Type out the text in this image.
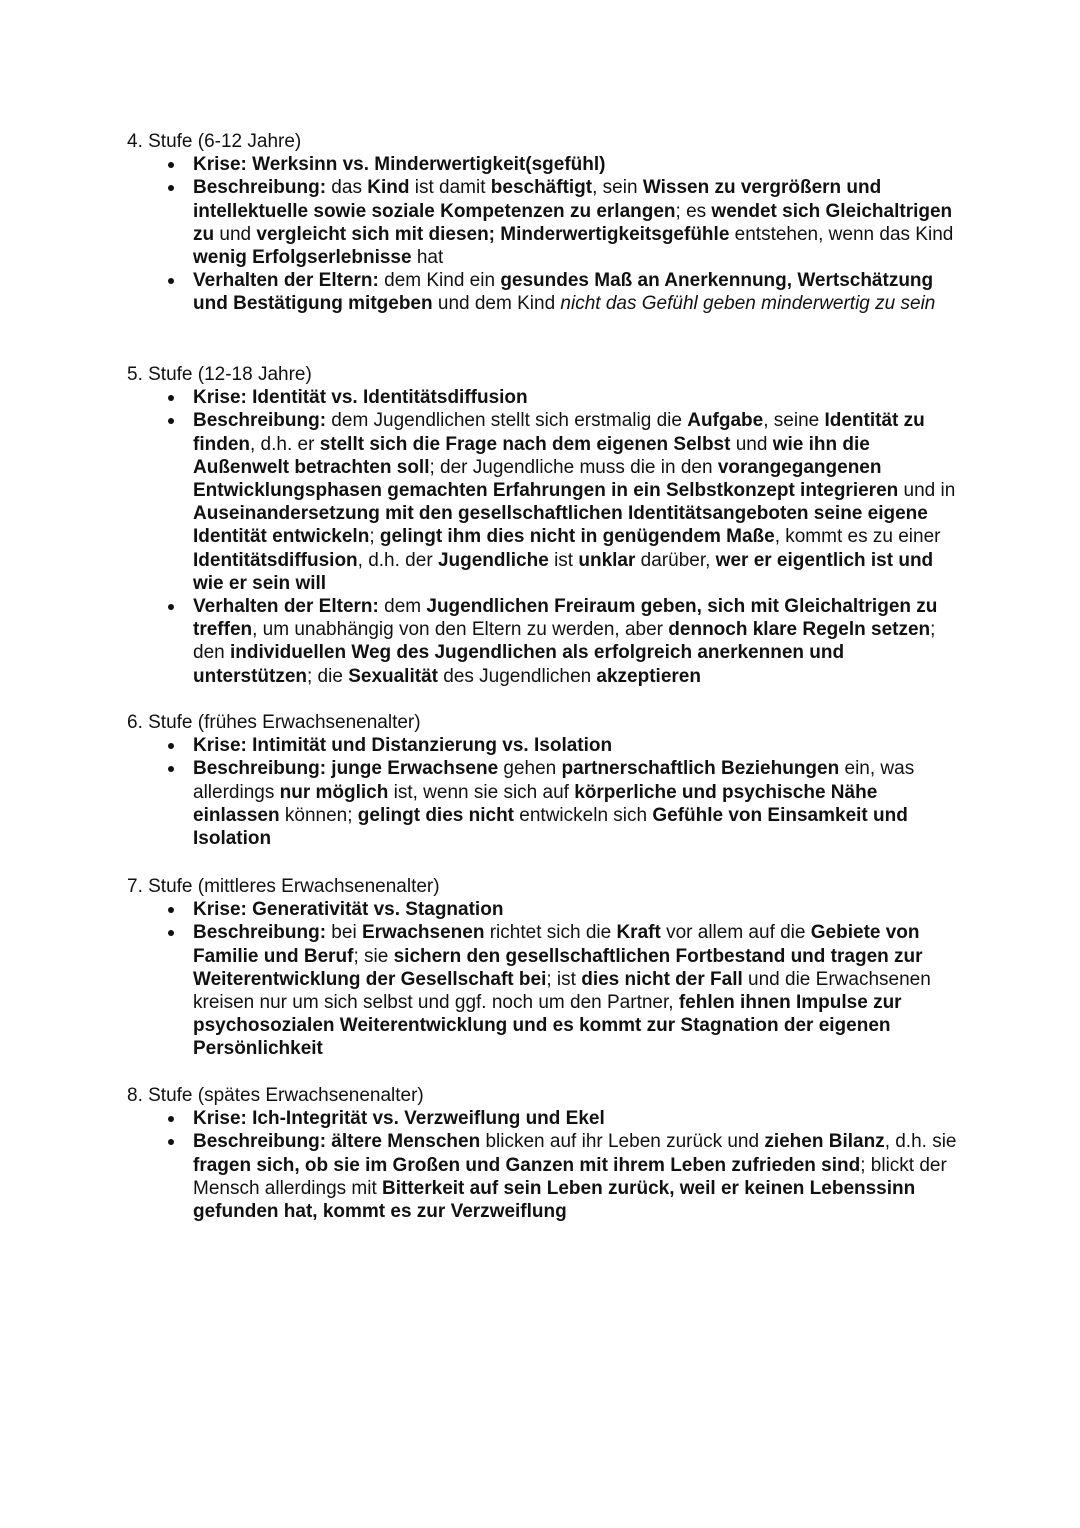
4. Stufe (6-12 Jahre)

Krise: Werksinn vs. Minderwertigkeit(sgefühl)
Beschreibung: das Kind ist damit beschäftigt, sein Wissen zu vergrößern und intellektuelle sowie soziale Kompetenzen zu erlangen; es wendet sich Gleichaltrigen zu und vergleicht sich mit diesen; Minderwertigkeitsgefühle entstehen, wenn das Kind wenig Erfolgserlebnisse hat
Verhalten der Eltern: dem Kind ein gesundes Maß an Anerkennung, Wertschätzung und Bestätigung mitgeben und dem Kind nicht das Gefühl geben minderwertig zu sein

5. Stufe (12-18 Jahre)

Krise: Identität vs. Identitätsdiffusion
Beschreibung: dem Jugendlichen stellt sich erstmalig die Aufgabe, seine Identität zu finden, d.h. er stellt sich die Frage nach dem eigenen Selbst und wie ihn die Außenwelt betrachten soll; der Jugendliche muss die in den vorangegangenen Entwicklungsphasen gemachten Erfahrungen in ein Selbstkonzept integrieren und in Auseinandersetzung mit den gesellschaftlichen Identitätsangeboten seine eigene Identität entwickeln; gelingt ihm dies nicht in genügendem Maße, kommt es zu einer Identitätsdiffusion, d.h. der Jugendliche ist unklar darüber, wer er eigentlich ist und wie er sein will
Verhalten der Eltern: dem Jugendlichen Freiraum geben, sich mit Gleichaltrigen zu treffen, um unabhängig von den Eltern zu werden, aber dennoch klare Regeln setzen; den individuellen Weg des Jugendlichen als erfolgreich anerkennen und unterstützen; die Sexualität des Jugendlichen akzeptieren

6. Stufe (frühes Erwachsenenalter)

Krise: Intimität und Distanzierung vs. Isolation
Beschreibung: junge Erwachsene gehen partnerschaftlich Beziehungen ein, was allerdings nur möglich ist, wenn sie sich auf körperliche und psychische Nähe einlassen können; gelingt dies nicht entwickeln sich Gefühle von Einsamkeit und Isolation

7. Stufe (mittleres Erwachsenenalter)

Krise: Generativität vs. Stagnation
Beschreibung: bei Erwachsenen richtet sich die Kraft vor allem auf die Gebiete von Familie und Beruf; sie sichern den gesellschaftlichen Fortbestand und tragen zur Weiterentwicklung der Gesellschaft bei; ist dies nicht der Fall und die Erwachsenen kreisen nur um sich selbst und ggf. noch um den Partner, fehlen ihnen Impulse zur psychosozialen Weiterentwicklung und es kommt zur Stagnation der eigenen Persönlichkeit

8. Stufe (spätes Erwachsenenalter)

Krise: Ich-Integrität vs. Verzweiflung und Ekel
Beschreibung: ältere Menschen blicken auf ihr Leben zurück und ziehen Bilanz, d.h. sie fragen sich, ob sie im Großen und Ganzen mit ihrem Leben zufrieden sind; blickt der Mensch allerdings mit Bitterkeit auf sein Leben zurück, weil er keinen Lebenssinn gefunden hat, kommt es zur Verzweiflung
